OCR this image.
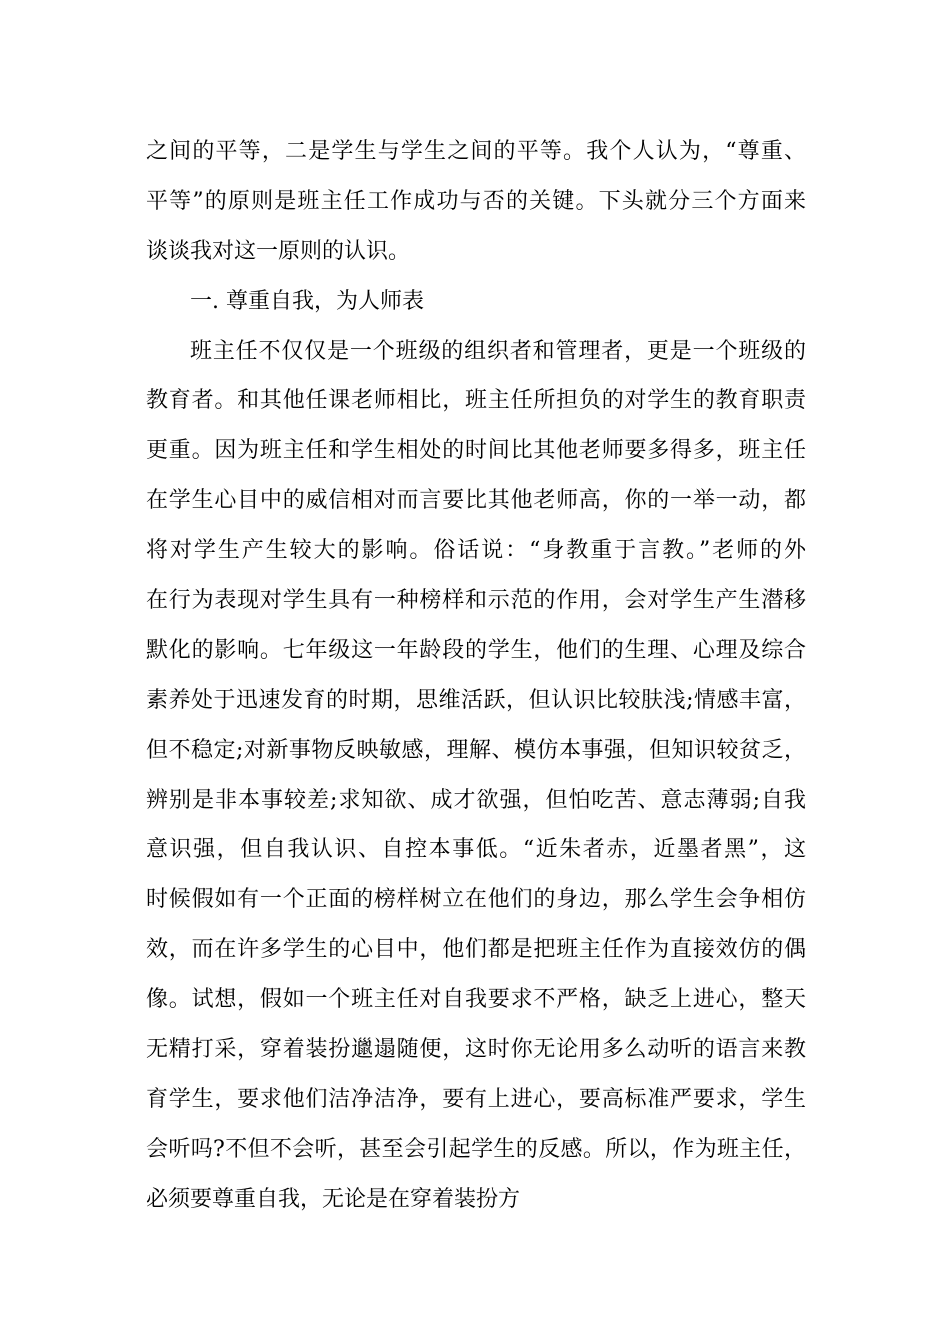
之间的平等，二是学生与学生之间的平等。我个人认为，“尊重、
平等”的原则是班主任工作成功与否的关键。下头就分三个方面来
谈谈我对这一原则的认识。
一. 尊重自我，为人师表
班主任不仅仅是一个班级的组织者和管理者，更是一个班级的
教育者。和其他任课老师相比，班主任所担负的对学生的教育职责
更重。因为班主任和学生相处的时间比其他老师要多得多，班主任
在学生心目中的威信相对而言要比其他老师高，你的一举一动，都
将对学生产生较大的影响。俗话说：“身教重于言教。”老师的外
在行为表现对学生具有一种榜样和示范的作用，会对学生产生潜移
默化的影响。七年级这一年龄段的学生，他们的生理、心理及综合
素养处于迅速发育的时期，思维活跃，但认识比较肤浅;情感丰富，
但不稳定;对新事物反映敏感，理解、模仿本事强，但知识较贫乏，
辨别是非本事较差;求知欲、成才欲强，但怕吃苦、意志薄弱;自我
意识强，但自我认识、自控本事低。“近朱者赤，近墨者黑”，这
时候假如有一个正面的榜样树立在他们的身边，那么学生会争相仿
效，而在许多学生的心目中，他们都是把班主任作为直接效仿的偶
像。试想，假如一个班主任对自我要求不严格，缺乏上进心，整天
无精打采，穿着装扮邋遢随便，这时你无论用多么动听的语言来教
育学生，要求他们洁净洁净，要有上进心，要高标准严要求，学生
会听吗?不但不会听，甚至会引起学生的反感。所以，作为班主任，
必须要尊重自我，无论是在穿着装扮方
